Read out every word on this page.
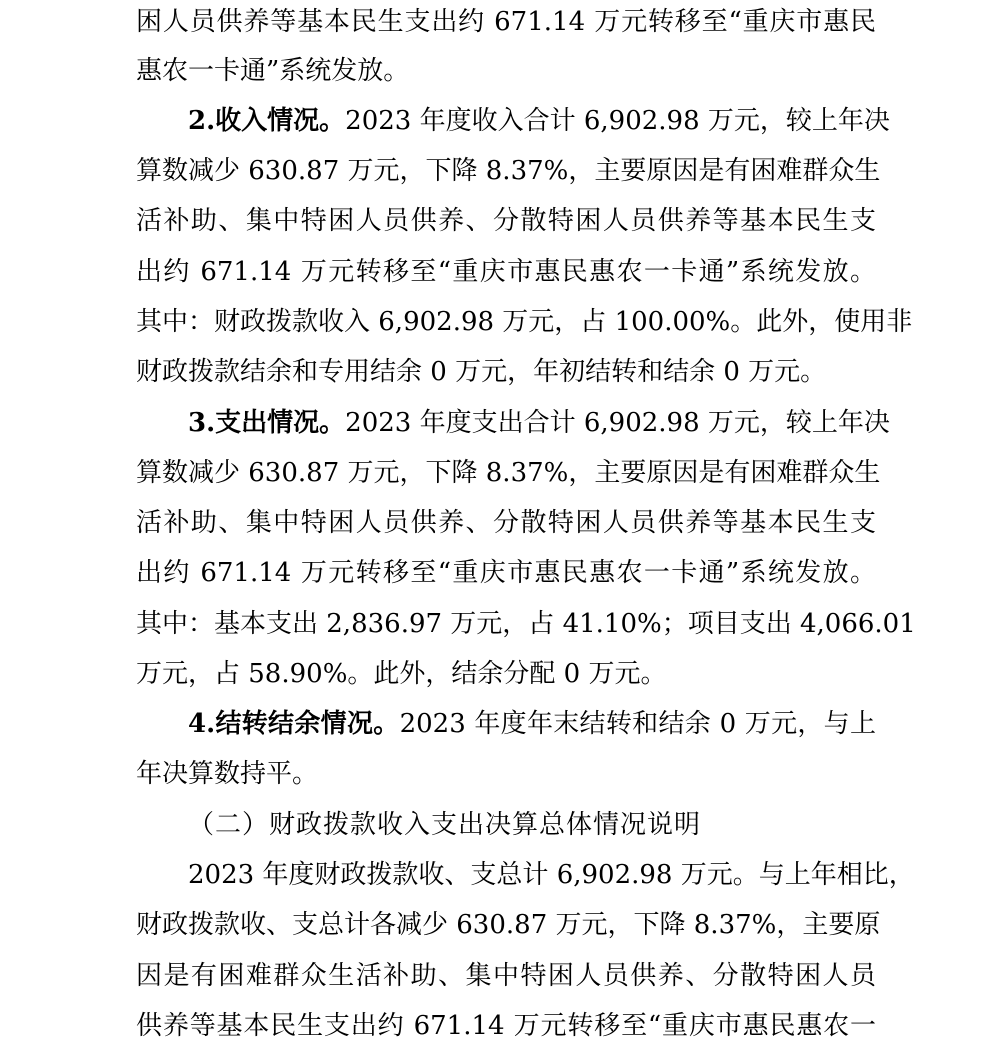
困人员供养等基本民生支出约 671.14 万元转移至“重庆市惠民
惠农一卡通”系统发放。
2.收入情况。2023 年度收入合计 6,902.98 万元，较上年决
算数减少 630.87 万元，下降 8.37%，主要原因是有困难群众生
活补助、集中特困人员供养、分散特困人员供养等基本民生支
出约 671.14 万元转移至“重庆市惠民惠农一卡通”系统发放。
其中：财政拨款收入 6,902.98 万元，占 100.00%。此外，使用非
财政拨款结余和专用结余 0 万元，年初结转和结余 0 万元。
3.支出情况。2023 年度支出合计 6,902.98 万元，较上年决
算数减少 630.87 万元，下降 8.37%，主要原因是有困难群众生
活补助、集中特困人员供养、分散特困人员供养等基本民生支
出约 671.14 万元转移至“重庆市惠民惠农一卡通”系统发放。
其中：基本支出 2,836.97 万元，占 41.10%；项目支出 4,066.01
万元，占 58.90%。此外，结余分配 0 万元。
4.结转结余情况。2023 年度年末结转和结余 0 万元，与上
年决算数持平。
（二）财政拨款收入支出决算总体情况说明
2023 年度财政拨款收、支总计 6,902.98 万元。与上年相比，
财政拨款收、支总计各减少 630.87 万元，下降 8.37%，主要原
因是有困难群众生活补助、集中特困人员供养、分散特困人员
供养等基本民生支出约 671.14 万元转移至“重庆市惠民惠农一
